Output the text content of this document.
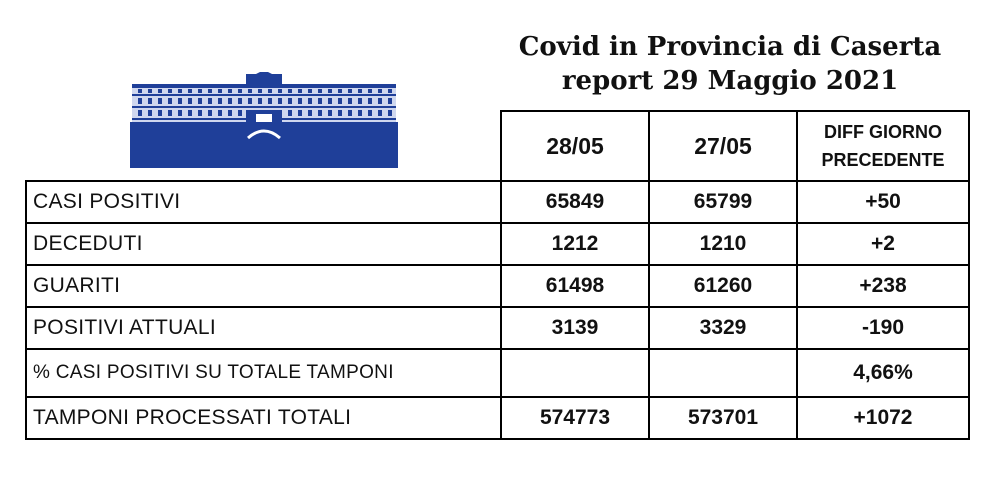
Covid in Provincia di Caserta
report 29 Maggio 2021
	28/05	27/05	DIFF GIORNO
PRECEDENTE

CASI POSITIVI	65849	65799	+50
DECEDUTI	1212	1210	+2
GUARITI	61498	61260	+238
POSITIVI ATTUALI	3139	3329	-190
% CASI POSITIVI SU TOTALE TAMPONI			4,66%
TAMPONI PROCESSATI TOTALI	574773	573701	+1072
